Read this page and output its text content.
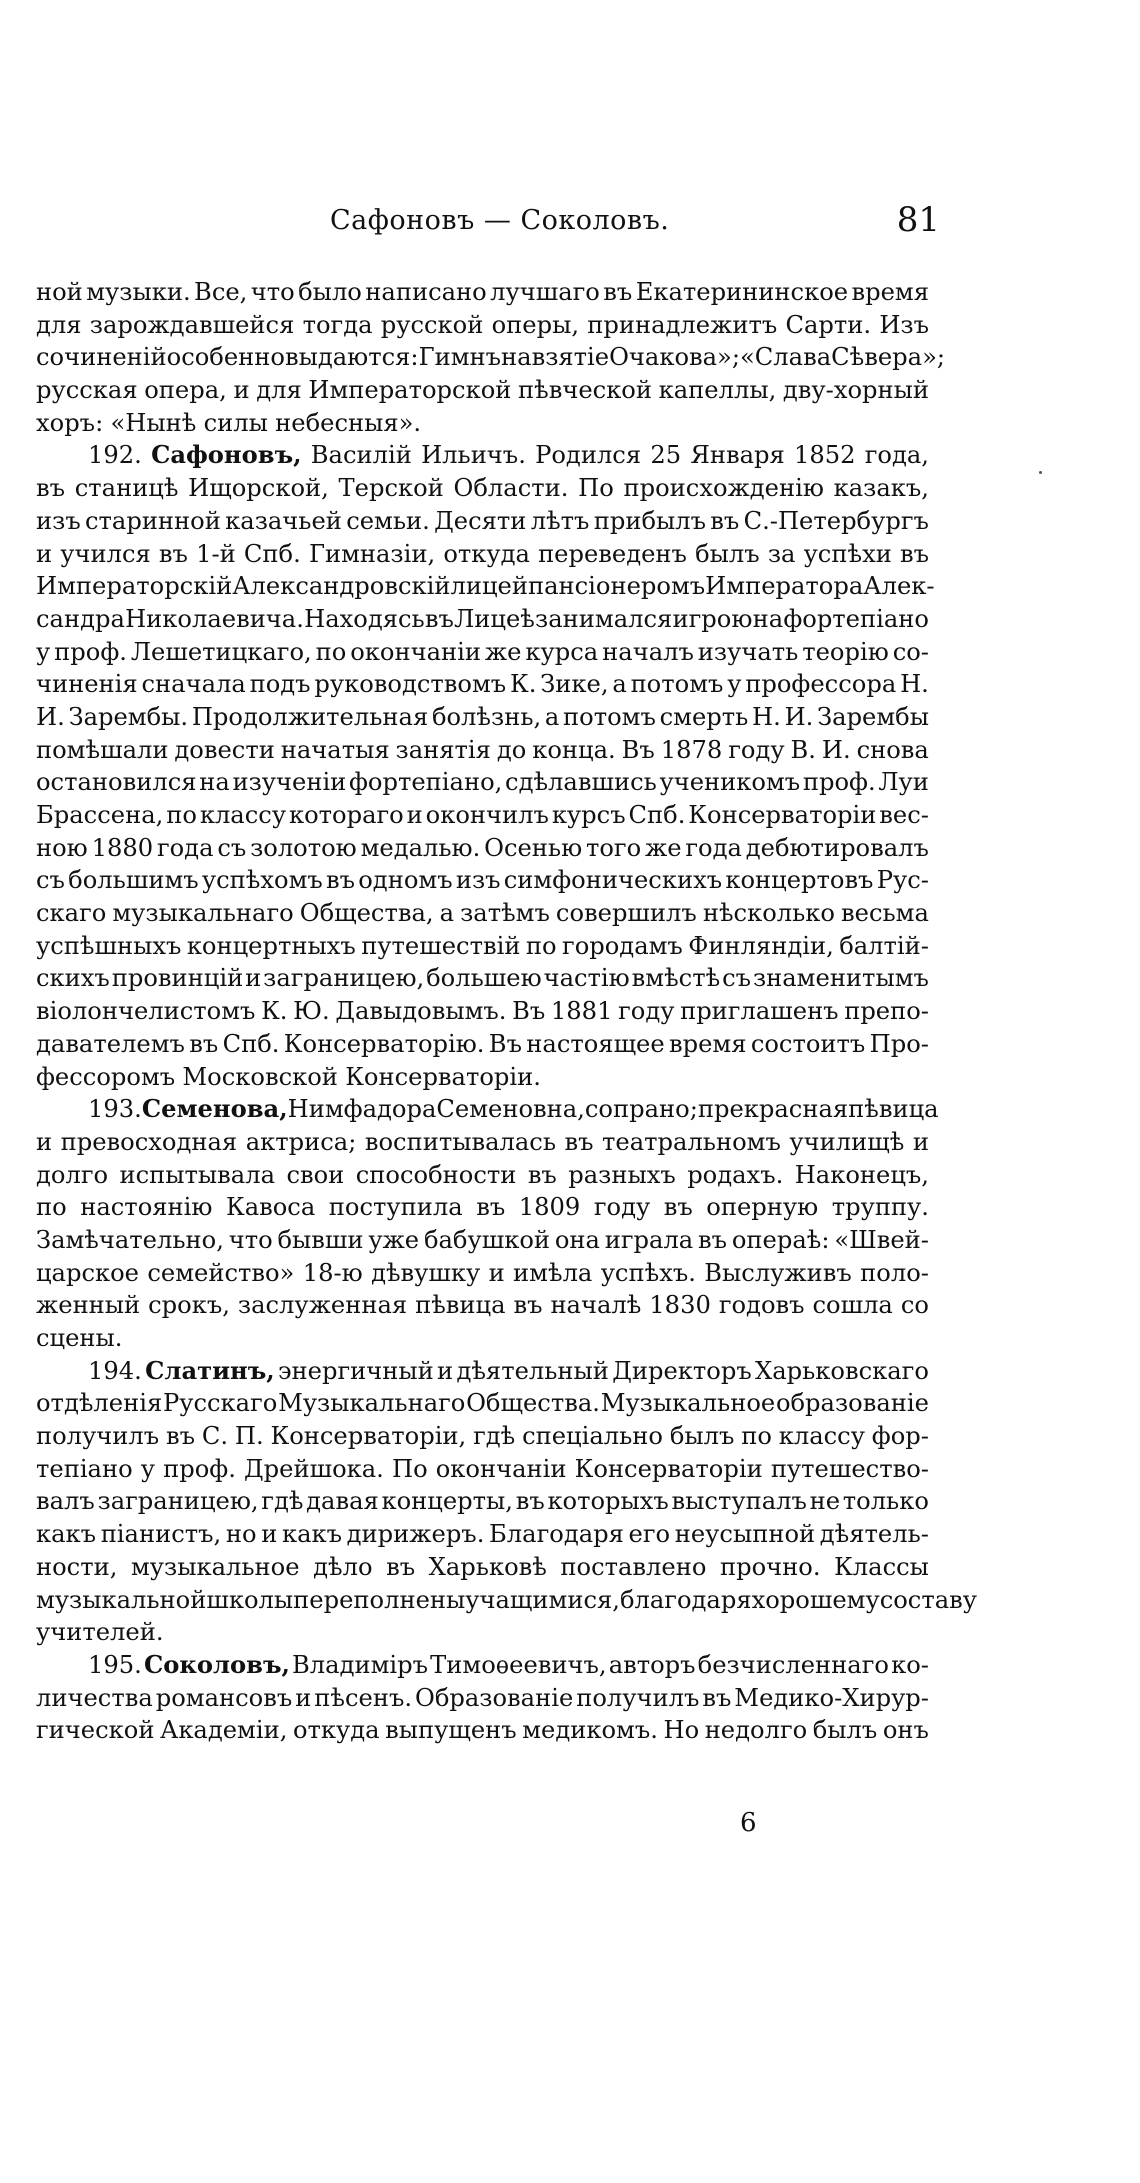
Сафоновъ — Соколовъ.	81
ной музыки. Все, что было написано лучшаго въ Екатерининское время
для зарождавшейся тогда русской оперы, принадлежитъ Сарти. Изъ
сочиненій особенно выдаются: Гимнъ на взятіе Очакова»; «Слава Сѣвера»;
русская опера, и для Императорской пѣвческой капеллы, дву-хорный
хоръ: «Нынѣ силы небесныя».
192. Сафоновъ, Василій Ильичъ. Родился 25 Января 1852 года,
въ станицѣ Ищорской, Терской Области. По происхожденію казакъ,
изъ старинной казачьей семьи. Десяти лѣтъ прибылъ въ С.-Петербургъ
и учился въ 1-й Спб. Гимназіи, откуда переведенъ былъ за успѣхи въ
Императорскій Александровскій лицей пансіонеромъ Императора Алек-
сандра Николаевича. Находясь въ Лицеѣ занимался игрою на фортепіано
у проф. Лешетицкаго, по окончаніи же курса началъ изучать теорію со-
чиненія сначала подъ руководствомъ К. Зике, а потомъ у профессора Н.
И. Зарембы. Продолжительная болѣзнь, а потомъ смерть Н. И. Зарембы
помѣшали довести начатыя занятія до конца. Въ 1878 году В. И. снова
остановился на изученіи фортепіано, сдѣлавшись ученикомъ проф. Луи
Брассена, по классу котораго и окончилъ курсъ Спб. Консерваторіи вес-
ною 1880 года съ золотою медалью. Осенью того же года дебютировалъ
съ большимъ успѣхомъ въ одномъ изъ симфоническихъ концертовъ Рус-
скаго музыкальнаго Общества, а затѣмъ совершилъ нѣсколько весьма
успѣшныхъ концертныхъ путешествій по городамъ Финляндіи, балтій-
скихъ провинцій и заграницею, большею частію вмѣстѣ съ знаменитымъ
віолончелистомъ К. Ю. Давыдовымъ. Въ 1881 году приглашенъ препо-
давателемъ въ Спб. Консерваторію. Въ настоящее время состоитъ Про-
фессоромъ Московской Консерваторіи.
193. Семенова, Нимфадора Семеновна, сопрано; прекрасная пѣвица
и превосходная актриса; воспитывалась въ театральномъ училищѣ и
долго испытывала свои способности въ разныхъ родахъ. Наконецъ,
по настоянію Кавоса поступила въ 1809 году въ оперную труппу.
Замѣчательно, что бывши уже бабушкой она играла въ операѣ: «Швей-
царское семейство» 18-ю дѣвушку и имѣла успѣхъ. Выслуживъ поло-
женный срокъ, заслуженная пѣвица въ началѣ 1830 годовъ сошла со
сцены.
194. Слатинъ, энергичный и дѣятельный Директоръ Харьковскаго
отдѣленія Русскаго Музыкальнаго Общества. Музыкальное образованіе
получилъ въ С. П. Консерваторіи, гдѣ спеціально былъ по классу фор-
тепіано у проф. Дрейшока. По окончаніи Консерваторіи путешество-
валъ заграницею, гдѣ давая концерты, въ которыхъ выступалъ не только
какъ піанистъ, но и какъ дирижеръ. Благодаря его неусыпной дѣятель-
ности, музыкальное дѣло въ Харьковѣ поставлено прочно. Классы
музыкальной школы переполнены учащимися, благодаря хорошему составу
учителей.
195. Соколовъ, Владиміръ Тимоѳеевичъ, авторъ безчисленнаго ко-
личества романсовъ и пѣсенъ. Образованіе получилъ въ Медико-Хирур-
гической Академіи, откуда выпущенъ медикомъ. Но недолго былъ онъ
6
